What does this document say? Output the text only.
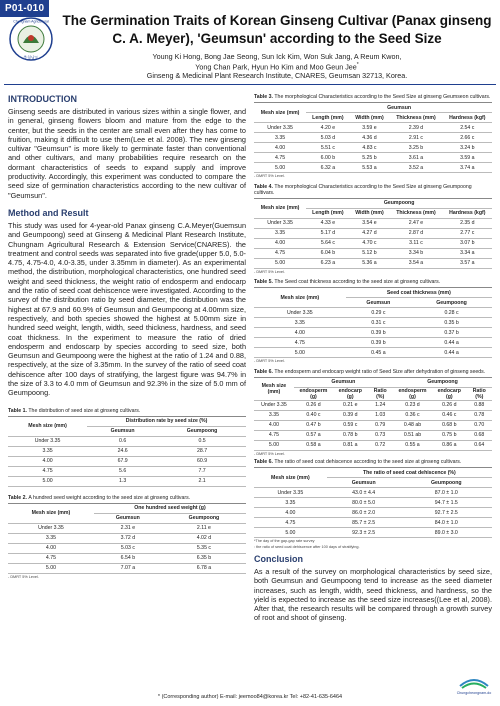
P01-010
Chungnam Agricultural
충청남도
The Germination Traits of Korean Ginseng Cultivar (Panax ginseng
C. A. Meyer), 'Geumsun' according to the Seed Size
Young Ki Hong, Bong Jae Seong, Sun Ick Kim, Won Suk Jang, A Reum Kwon,
Yong Chan Park, Hyun Ho Kim and Moo Geun Jee*
Ginseng & Medicinal Plant Research Institute, CNARES, Geumsan 32713, Korea.
INTRODUCTION

Ginseng seeds are distributed in various sizes within a single flower, and in general, ginseng flowers bloom and mature from the edge to the center, but the seeds in the center are small even after they has come to fruition, making it difficult to use them(Lee et al. 2008). The new ginseng cultivar "Geumsun" is more likely to germinate faster than conventional and other cultivars, and many probabilities require research on the dormant characteristics of seeds to expand supply and improve productivity. Accordingly, this experiment was conducted to compare the seed size of germination characteristics according to the new cultivar of "Geumsun".

Method and Result

This study was used for 4-year-old Panax ginseng C.A.Meyer(Guemsun and Geumpoong) seed at Ginseng & Medicinal Plant Research Institute, Chungnam Agricultural Research & Extension Service(CNARES). the treatment and control seeds was separated into five grade(upper 5.0, 5.0-4.75, 4.75-4.0, 4.0-3.35, under 3.35mm in diameter). As an experimental method, the distribution, morphological characteristics, one hundred seed weight and seed thickness, the weight ratio of endosperm and endocarp and the ratio of seed coat dehiscence were investigated. According to the survey of the distribution ratio by seed diameter, the distribution was the highest at 67.9 and 60.9% of Geumsun and Geumpoong at 4.00mm size, respectively, and both species showed the highest at 5.00mm size in hundred seed weight, length, width, seed thickness, hardness, and seed coat thickness. In the experiment to measure the ratio of dried endosperm and endoscarp by species according to seed size, both Geumsun and Geumpoong were the highest at the ratio of 1.24 and 0.88, respectively, at the size of 3.35mm. In the survey of the ratio of seed coat dehiscence after 100 days of stratifying, the largest figure was 94.7% in the size of 3.3 to 4.0 mm of Geumsun and 92.3% in the size of 5.0 mm of Geumpoong.

Table 1. The distribution of seed size at ginseng cultivars.
Mesh size (mm)	Distribution rate by seed size (%)	
	Geumsun	Geumpoong
Under 3.35	0.6	0.5
3.35	24.6	28.7
4.00	67.9	60.9
4.75	5.6	7.7
5.00	1.3	2.1
Table 2. A hundred seed weight according to the seed size at ginseng cultivars.
Mesh size (mm)	One hundred seed weight (g)	
	Geumsun	Geumpoong
Under 3.35	2.31 e	2.11 e
3.35	3.72 d	4.02 d
4.00	5.03 c	5.35 c
4.75	6.54 b	6.35 b
5.00	7.07 a	6.78 a
- DMRT 5% Level.
Table 3. The morphological Characteristics according to the Seed Size at ginseng Geumseon cultivars.
Mesh size (mm)	Geumsun			
	Length (mm)	Width (mm)	Thickness (mm)	Hardness (kgf)
Under 3.35	4.20 e	3.59 e	2.39 d	2.54 c
3.35	5.03 d	4.36 d	2.91 c	2.66 c
4.00	5.51 c	4.83 c	3.25 b	3.24 b
4.75	6.00 b	5.25 b	3.61 a	3.59 a
5.00	6.32 a	5.53 a	3.52 a	3.74 a
- DMRT 5% Level.
Table 4. The morphological Characteristics according to the Seed Size at ginseng Geumpoong cultivars.
Mesh size (mm)	Geumpoong			
	Length (mm)	Width (mm)	Thickness (mm)	Hardness (kgf)
Under 3.35	4.33 e	3.54 e	2.47 e	2.35 d
3.35	5.17 d	4.27 d	2.87 d	2.77 c
4.00	5.64 c	4.70 c	3.11 c	3.07 b
4.75	6.04 b	5.12 b	3.34 b	3.34 a
5.00	6.23 a	5.36 a	3.54 a	3.57 a
- DMRT 5% Level.
Table 5. The Seed coat thickness according to the seed size at ginseng cultivars.
Mesh size (mm)	Seed coat thickness (mm)	
	Geumsun	Geumpoong
Under 3.35	0.29 c	0.28 c
3.35	0.31 c	0.35 b
4.00	0.39 b	0.37 b
4.75	0.39 b	0.44 a
5.00	0.45 a	0.44 a
- DMRT 5% Level.
Table 6. The endosperm and endocarp weight ratio of Seed Size after dehydration of ginseng seeds.
Mesh size (mm)	Geumsun			Geumpoong		
	endosperm (g)	endocarp (g)	Ratio (%)	endosperm (g)	endocarp (g)	Ratio (%)
Under 3.35	0.26 d	0.21 e	1.24	0.23 d	0.26 d	0.88
3.35	0.40 c	0.39 d	1.03	0.36 c	0.46 c	0.78
4.00	0.47 b	0.59 c	0.79	0.48 ab	0.68 b	0.70
4.75	0.57 a	0.78 b	0.73	0.51 ab	0.75 b	0.68
5.00	0.58 a	0.81 a	0.72	0.55 a	0.86 a	0.64
- DMRT 5% Level.
Table 6. The ratio of seed coat dehiscence according to the seed size at ginseng cultivars.
Mesh size (mm)	The ratio of seed coat dehiscence (%)	
	Geumsun	Geumpoong
Under 3.35	43.0 ± 4.4	87.0 ± 1.0
3.35	80.0 ± 5.0	94.7 ± 1.5
4.00	86.0 ± 2.0	92.7 ± 2.5
4.75	85.7 ± 2.5	84.0 ± 1.0
5.00	92.3 ± 2.5	89.0 ± 3.0
*The day of the gap-gap rate survey
: the ratio of seed coat dehiscence after 100 days of stratifying.
Conclusion

As a result of the survey on morphological characteristics by seed size, both Geumsun and Geumpoong tend to increase as the seed diameter increases, such as length, width, seed thickness, and hardness, so the yield is expected to increase as the seed size increases((Lee et al, 2008). After that, the research results will be compared through a growth survey of root and shoot of ginseng.

Chungcheongnam-do
* (Corresponding author) E-mail: jeemoo84@korea.kr Tel: +82-41-635-6464
